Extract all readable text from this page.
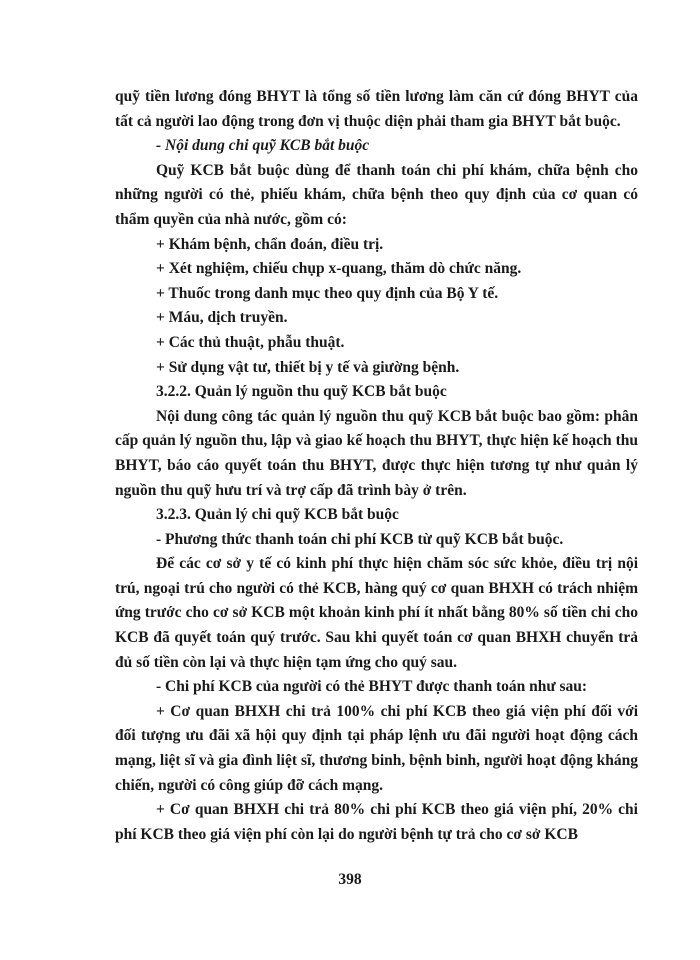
quỹ tiền lương đóng BHYT là tổng số tiền lương làm căn cứ đóng BHYT của tất cả người lao động trong đơn vị thuộc diện phải tham gia BHYT bắt buộc.

- Nội dung chi quỹ KCB bắt buộc

Quỹ KCB bắt buộc dùng để thanh toán chi phí khám, chữa bệnh cho những người có thẻ, phiếu khám, chữa bệnh theo quy định của cơ quan có thẩm quyền của nhà nước, gồm có:

+ Khám bệnh, chẩn đoán, điều trị.

+ Xét nghiệm, chiếu chụp x-quang, thăm dò chức năng.

+ Thuốc trong danh mục theo quy định của Bộ Y tế.

+ Máu, dịch truyền.

+ Các thủ thuật, phẫu thuật.

+ Sử dụng vật tư, thiết bị y tế và giường bệnh.

3.2.2. Quản lý nguồn thu quỹ KCB bắt buộc

Nội dung công tác quản lý nguồn thu quỹ KCB bắt buộc bao gồm: phân cấp quản lý nguồn thu, lập và giao kế hoạch thu BHYT, thực hiện kế hoạch thu BHYT, báo cáo quyết toán thu BHYT, được thực hiện tương tự như quản lý nguồn thu quỹ hưu trí và trợ cấp đã trình bày ở trên.

3.2.3. Quản lý chi quỹ KCB bắt buộc

- Phương thức thanh toán chi phí KCB từ quỹ KCB bắt buộc.

Để các cơ sở y tế có kinh phí thực hiện chăm sóc sức khỏe, điều trị nội trú, ngoại trú cho người có thẻ KCB, hàng quý cơ quan BHXH có trách nhiệm ứng trước cho cơ sở KCB một khoản kinh phí ít nhất bằng 80% số tiền chi cho KCB đã quyết toán quý trước. Sau khi quyết toán cơ quan BHXH chuyển trả đủ số tiền còn lại và thực hiện tạm ứng cho quý sau.

- Chi phí KCB của người có thẻ BHYT được thanh toán như sau:

+ Cơ quan BHXH chi trả 100% chi phí KCB theo giá viện phí đối với đối tượng ưu đãi xã hội quy định tại pháp lệnh ưu đãi người hoạt động cách mạng, liệt sĩ và gia đình liệt sĩ, thương binh, bệnh binh, người hoạt động kháng chiến, người có công giúp đỡ cách mạng.

+ Cơ quan BHXH chi trả 80% chi phí KCB theo giá viện phí, 20% chi phí KCB theo giá viện phí còn lại do người bệnh tự trả cho cơ sở KCB

398
